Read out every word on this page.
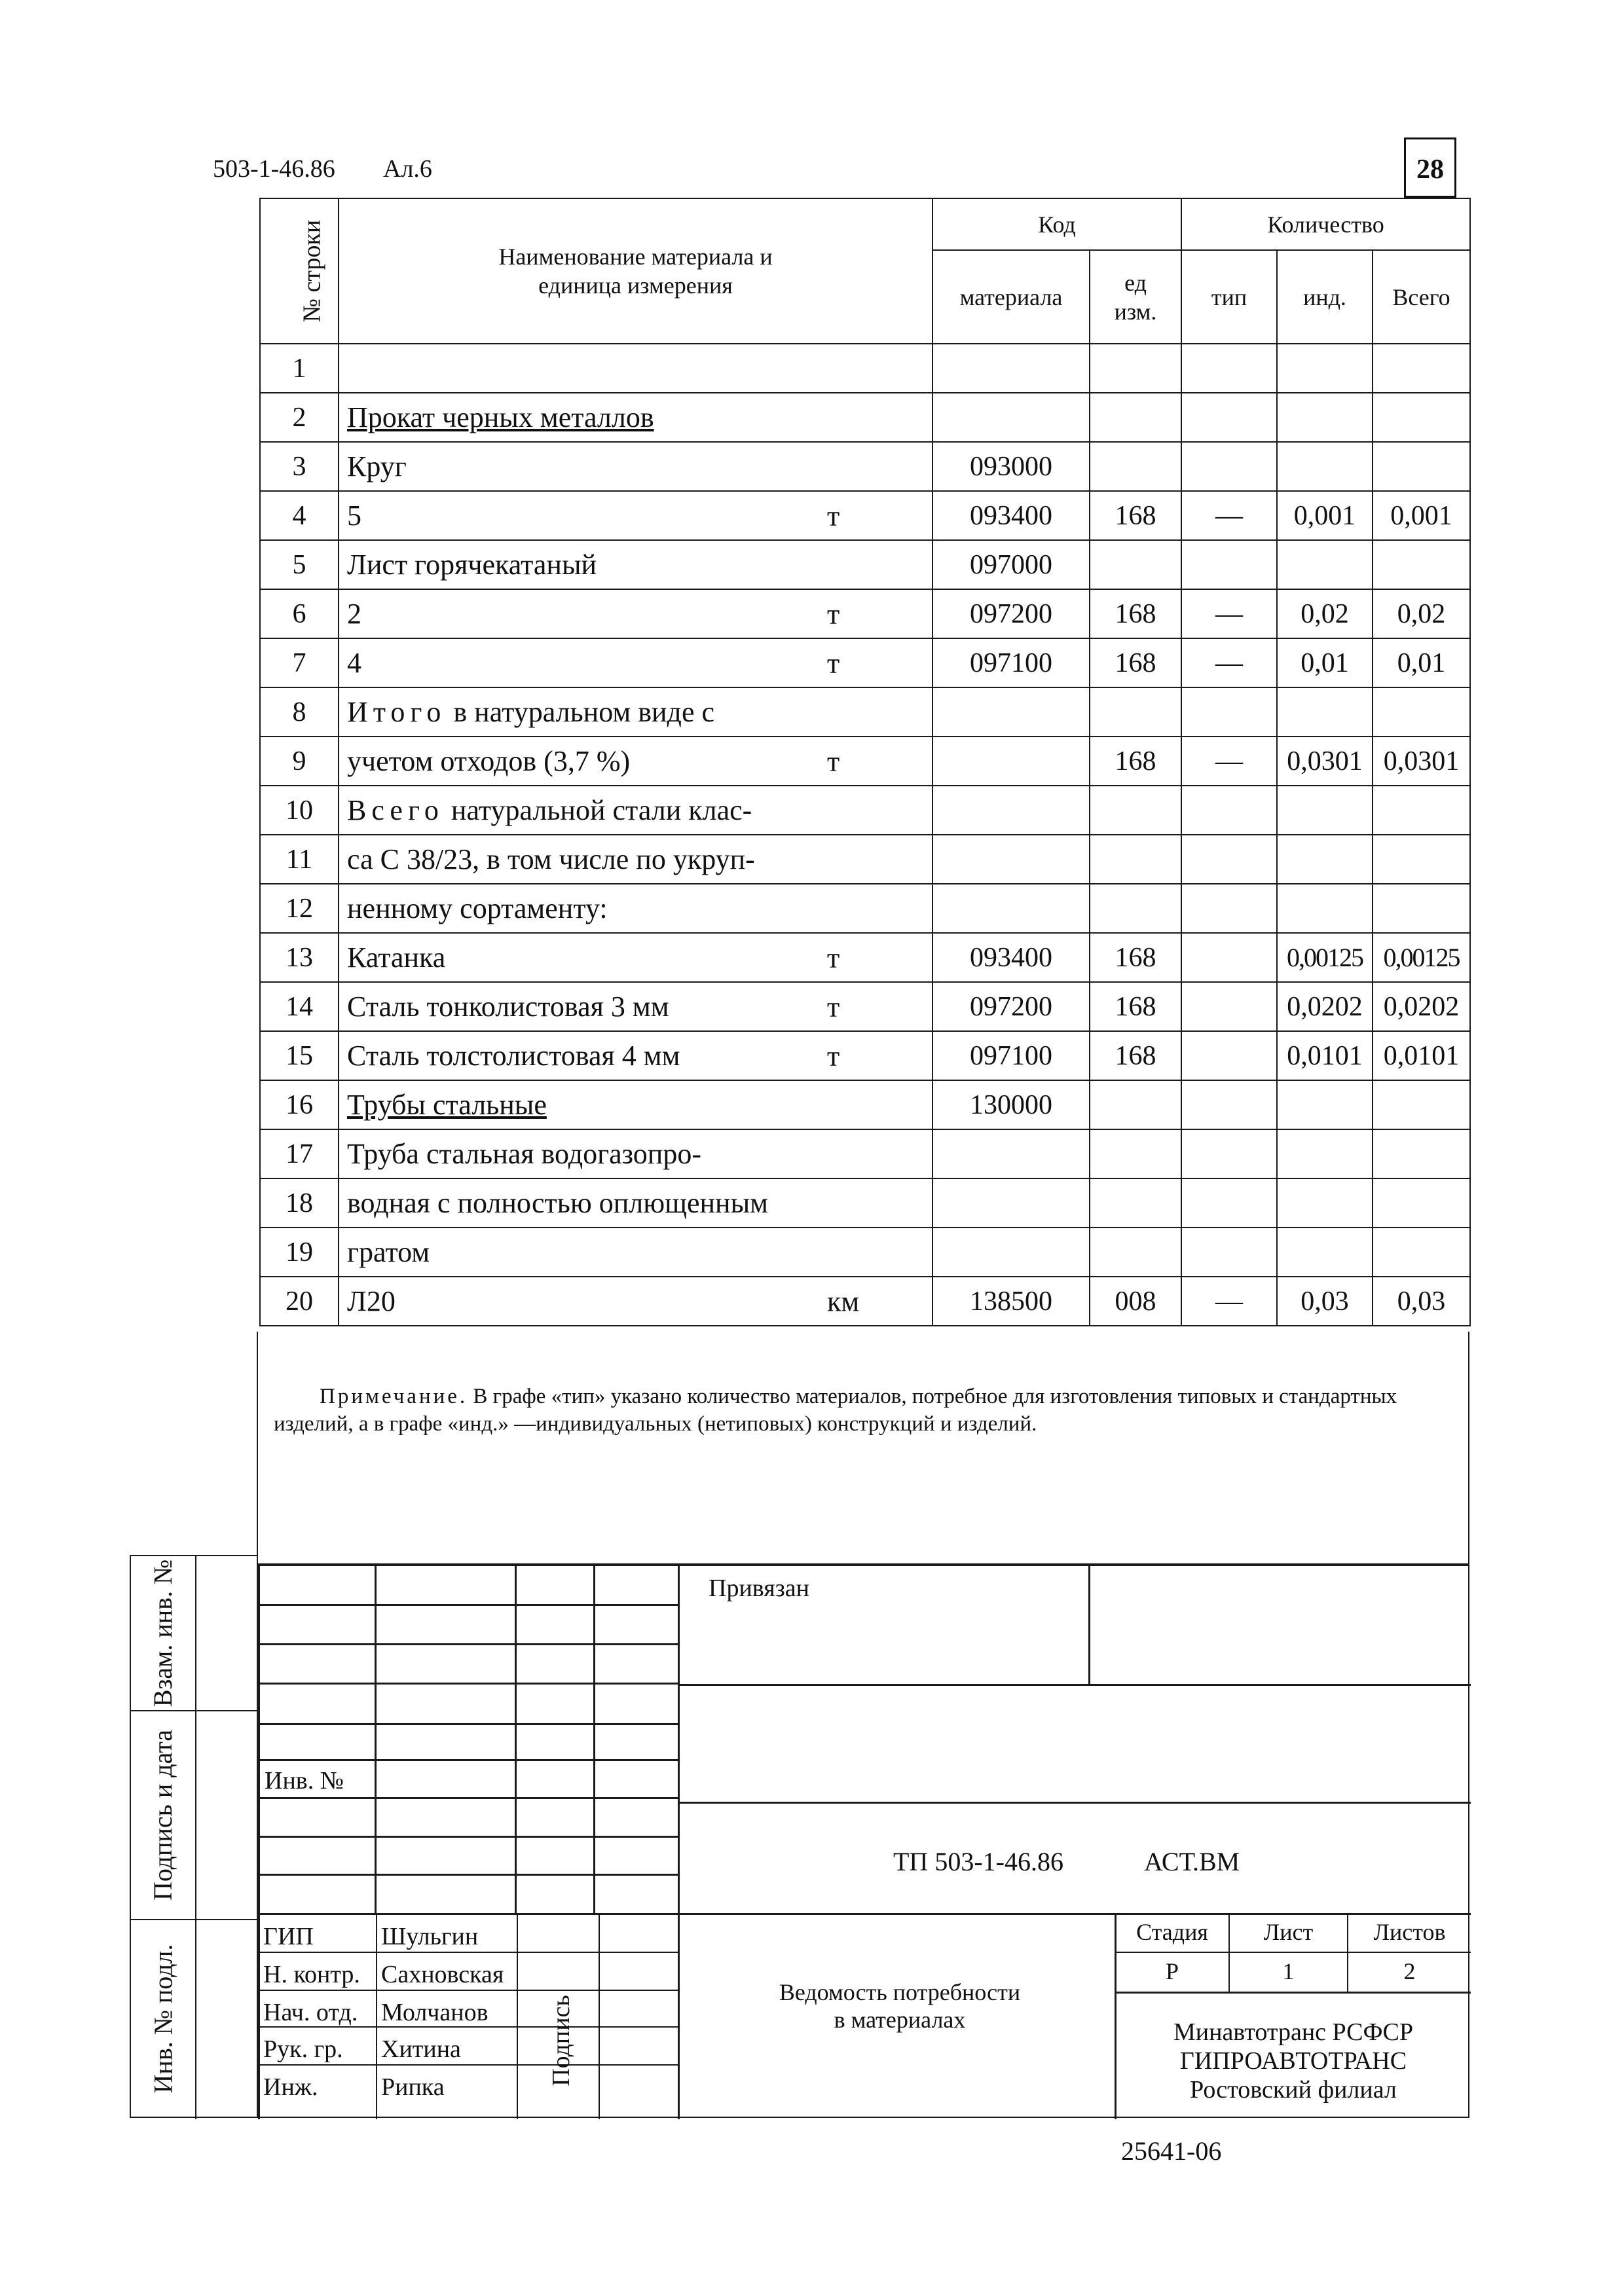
503-1-46.86 Ал.6	28
№ строки	Наименование материала и единица измерения	Код		Количество		
		материала	ед изм.	тип	инд.	Всего
1	

2	Прокат черных металлов

3	Круг	093000				
4	5 т	093400	168	—	0,001	0,001
5	Лист горячекатаный	097000				
6	2 т	097200	168	—	0,02	0,02
7	4 т	097100	168	—	0,01	0,01
8	Итого в натуральном виде с

9	учетом отходов (3,7 %) т		168	—	0,0301	0,0301
10	Всего натуральной стали клас-

11	са С 38/23, в том числе по укруп-

12	ненному сортаменту:

13	Катанка т	093400	168		0,00125	0,00125
14	Сталь тонколистовая 3 мм т	097200	168		0,0202	0,0202
15	Сталь толстолистовая 4 мм т	097100	168		0,0101	0,0101
16	Трубы стальные	130000				
17	Труба стальная водогазопро-

18	водная с полностью оплющенным

19	гратом

20	Л20 км	138500	008	—	0,03	0,03
Примечание. В графе «тип» указано количество материалов, потребное для изготовления типовых и стандартных изделий, а в графе «инд.» —индивидуальных (нетиповых) конструкций и изделий.
Взам. инв. №
Подпись и дата
Инв. № подл.
Привязан
Инв. №
ТП 503-1-46.86	АСТ.ВМ
ГИП	Шульгин
Н. контр. Сахновская
Нач. отд. Молчанов
Рук. гр. Хитина
Инж.	Рипка
Подпись
Ведомость потребности
в материалах
Стадия	Лист	Листов
Р	1	2
Минавтотранс РСФСР
ГИПРОАВТОТРАНС
Ростовский филиал
25641-06
